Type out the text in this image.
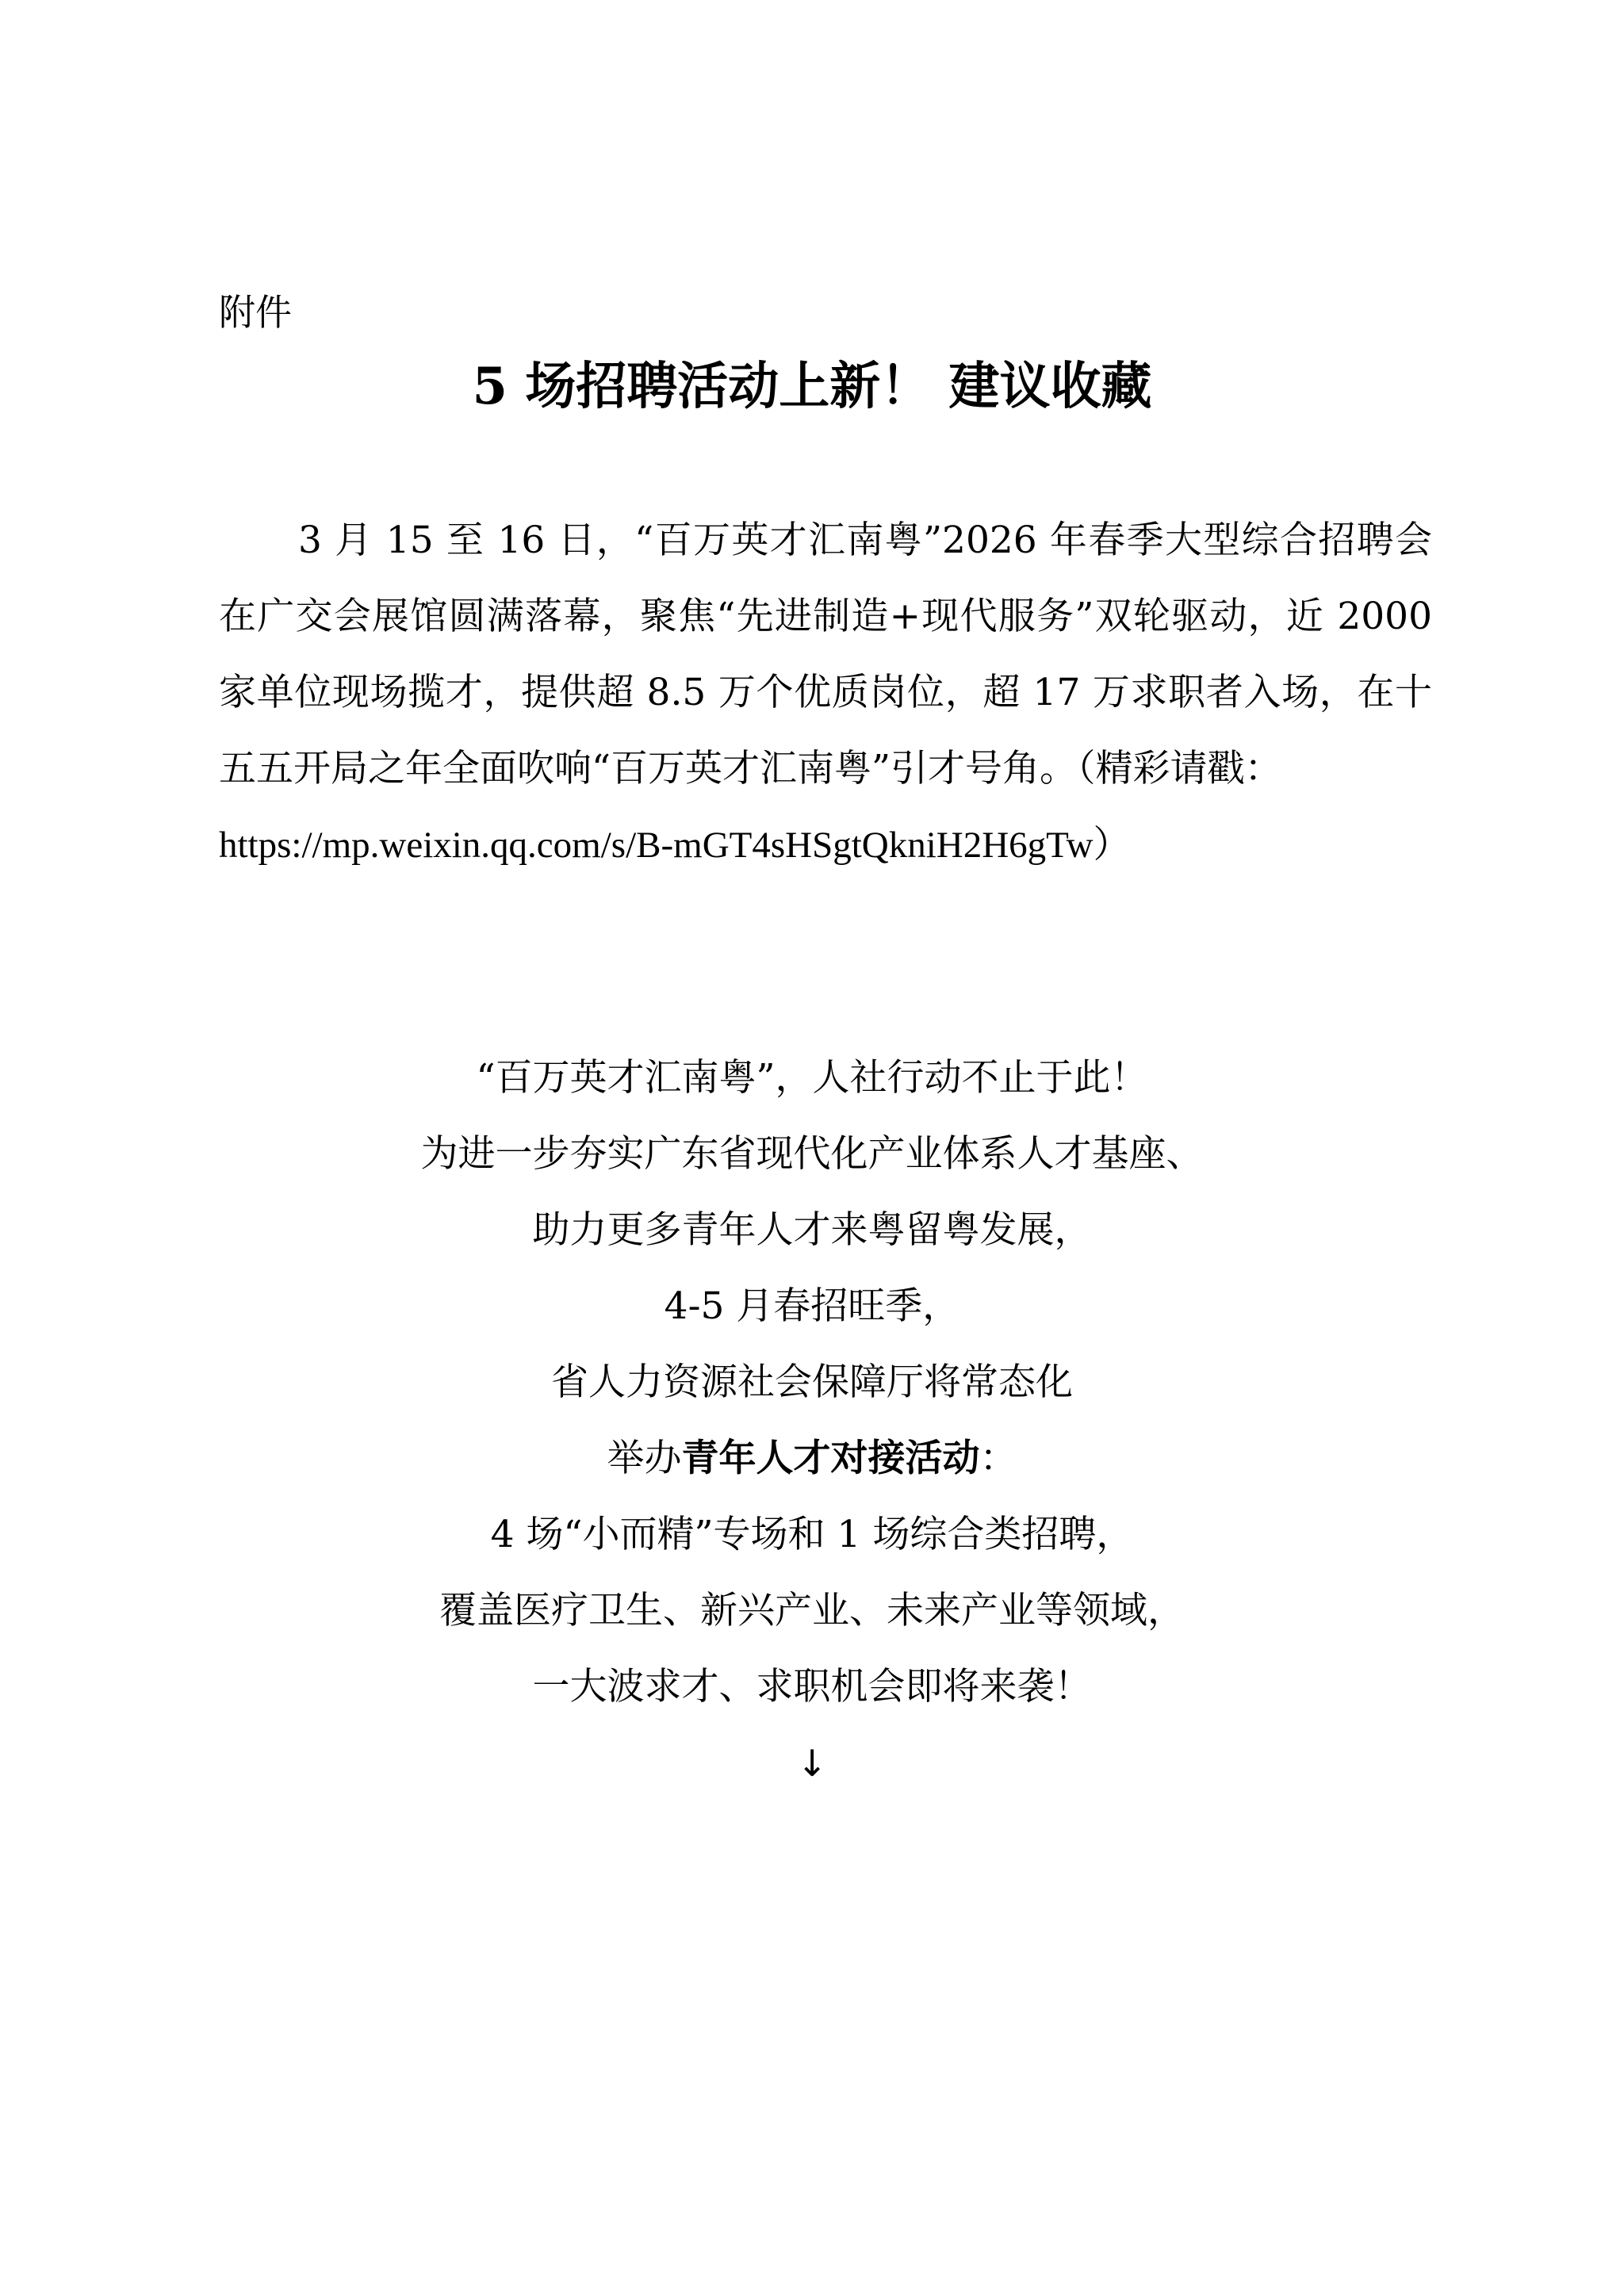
附件
5 场招聘活动上新！ 建议收藏

3 月 15 至 16 日，“百万英才汇南粤”2026 年春季大型综合招聘会在广交会展馆圆满落幕，聚焦“先进制造+现代服务”双轮驱动，近 2000 家单位现场揽才，提供超 8.5 万个优质岗位，超 17 万求职者入场，在十五五开局之年全面吹响“百万英才汇南粤”引才号角。（精彩请戳：
https://mp.weixin.qq.com/s/B-mGT4sHSgtQkniH2H6gTw）

“百万英才汇南粤”，人社行动不止于此！
为进一步夯实广东省现代化产业体系人才基座、
助力更多青年人才来粤留粤发展，
4-5 月春招旺季，
省人力资源社会保障厅将常态化
举办青年人才对接活动：
4 场“小而精”专场和 1 场综合类招聘，
覆盖医疗卫生、新兴产业、未来产业等领域，
一大波求才、求职机会即将来袭！
↓
